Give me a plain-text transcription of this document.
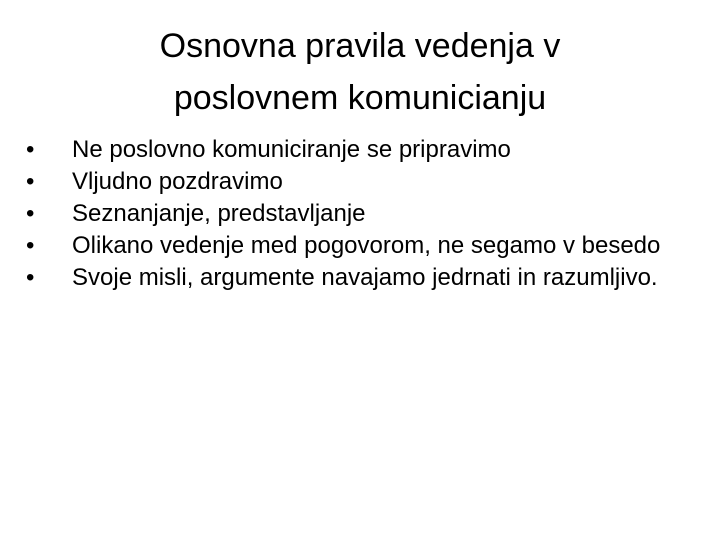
Osnovna pravila vedenja v
poslovnem komunicianju
•	Ne poslovno komuniciranje se pripravimo
•	Vljudno pozdravimo
•	Seznanjanje, predstavljanje
•	Olikano vedenje med pogovorom, ne segamo v besedo
•	Svoje misli, argumente navajamo jedrnati in razumljivo.
